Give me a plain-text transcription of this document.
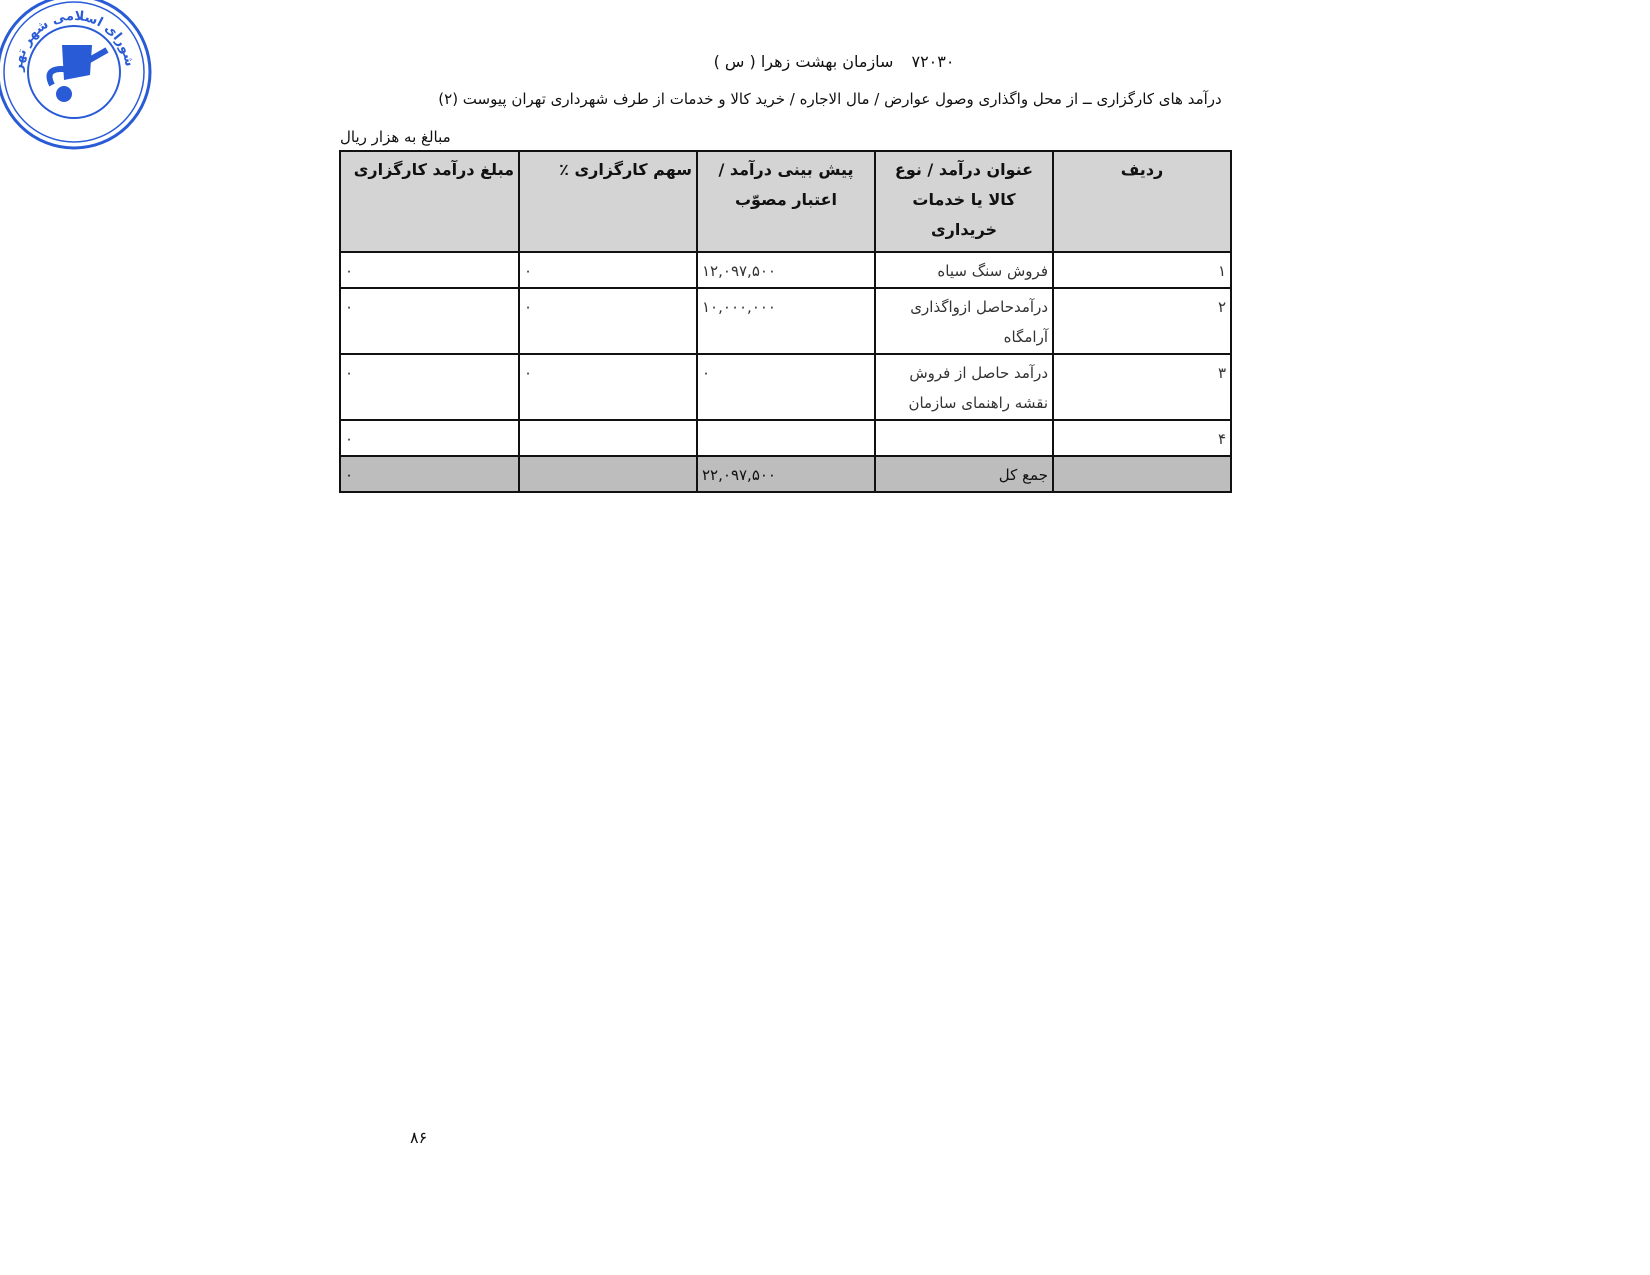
شورای اسلامی شهر تهر	۷۲۰۳۰سازمان بهشت زهرا ( س )
درآمد های کارگزاری ــ از محل واگذاری وصول عوارض / مال الاجاره / خرید کالا و خدمات از طرف شهرداری تهران پیوست (۲)
مبالغ به هزار ریال
ردیف	عنوان درآمد / نوع کالا یا خدمات خریداری	پیش بینی درآمد / اعتبار مصوّب	سهم کارگزاری ٪	مبلغ درآمد کارگزاری
۱	فروش سنگ سیاه	۱۲,۰۹۷,۵۰۰	۰	۰
۲	درآمدحاصل ازواگذاری آرامگاه	۱۰,۰۰۰,۰۰۰	۰	۰
۳	درآمد حاصل از فروش نقشه راهنمای سازمان	۰	۰	۰
۴				۰
	جمع کل	۲۲,۰۹۷,۵۰۰		۰
۸۶
